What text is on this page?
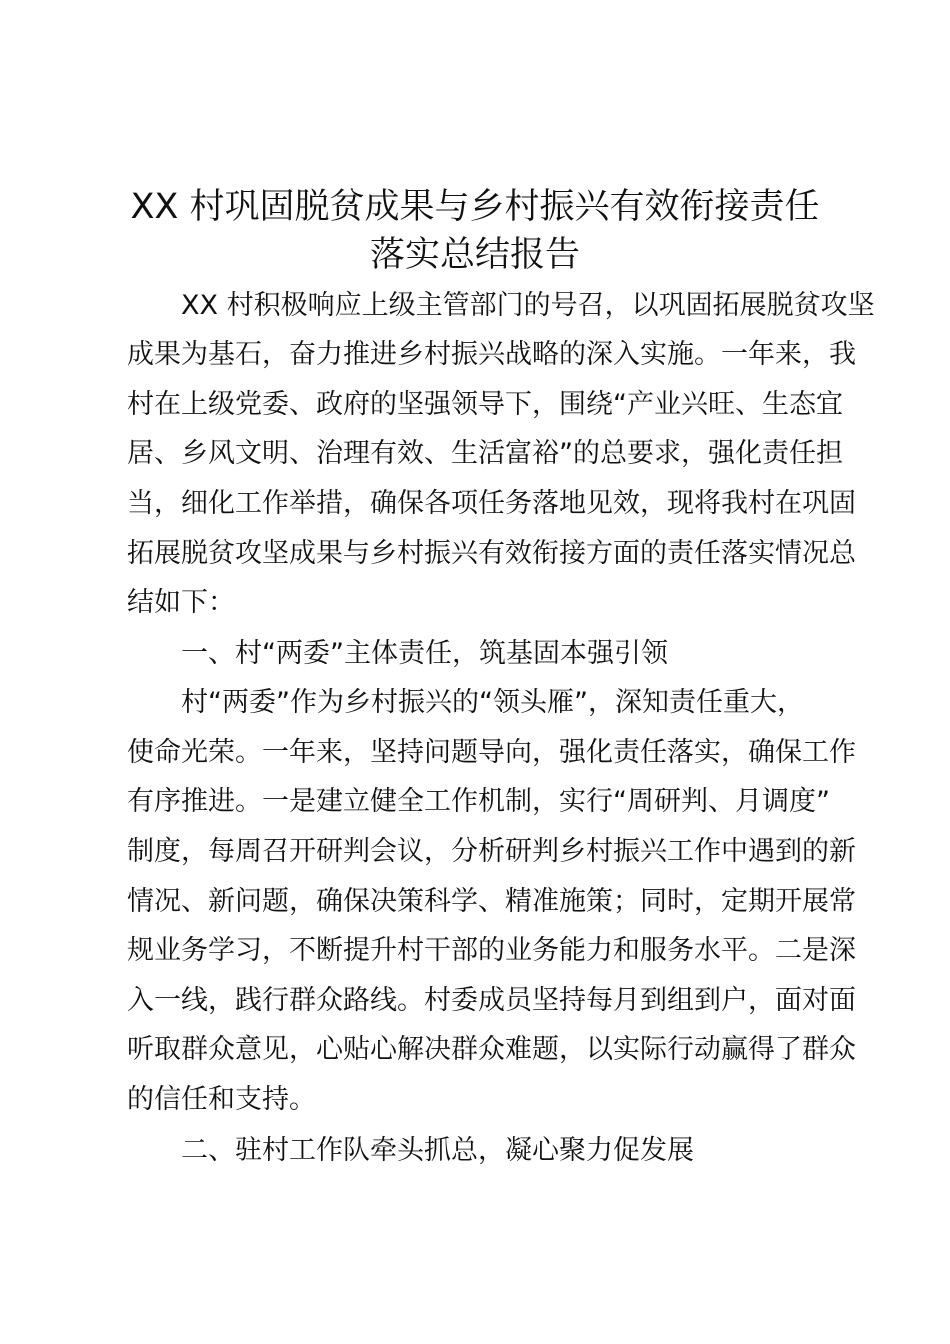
XX 村巩固脱贫成果与乡村振兴有效衔接责任
落实总结报告

XX 村积极响应上级主管部门的号召，以巩固拓展脱贫攻坚

成果为基石，奋力推进乡村振兴战略的深入实施。一年来，我

村在上级党委、政府的坚强领导下，围绕“产业兴旺、生态宜

居、乡风文明、治理有效、生活富裕”的总要求，强化责任担

当，细化工作举措，确保各项任务落地见效，现将我村在巩固

拓展脱贫攻坚成果与乡村振兴有效衔接方面的责任落实情况总

结如下：

一、村“两委”主体责任，筑基固本强引领

村“两委”作为乡村振兴的“领头雁”，深知责任重大，

使命光荣。一年来，坚持问题导向，强化责任落实，确保工作

有序推进。一是建立健全工作机制，实行“周研判、月调度”

制度，每周召开研判会议，分析研判乡村振兴工作中遇到的新

情况、新问题，确保决策科学、精准施策；同时，定期开展常

规业务学习，不断提升村干部的业务能力和服务水平。二是深

入一线，践行群众路线。村委成员坚持每月到组到户，面对面

听取群众意见，心贴心解决群众难题，以实际行动赢得了群众

的信任和支持。

二、驻村工作队牵头抓总，凝心聚力促发展
